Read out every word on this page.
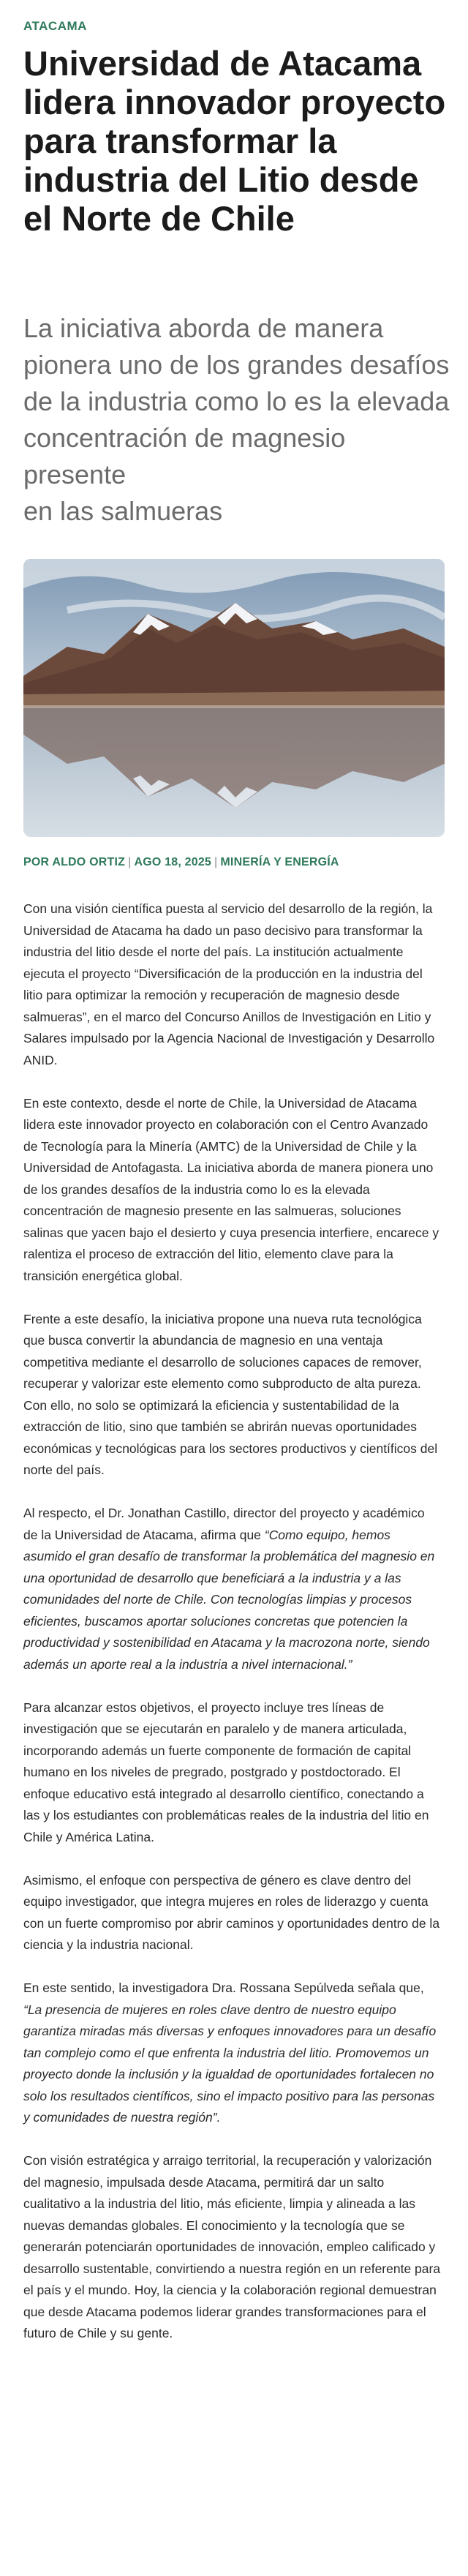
ATACAMA
Universidad de Atacama lidera innovador proyecto para transformar la industria del Litio desde el Norte de Chile

La iniciativa aborda de manera pionera uno de los grandes desafíos de la industria como lo es la elevada concentración de magnesio presente
en las salmueras

POR ALDO ORTIZ | AGO 18, 2025 | MINERÍA Y ENERGÍA

Con una visión científica puesta al servicio del desarrollo de la región, la Universidad de Atacama ha dado un paso decisivo para transformar la industria del litio desde el norte del país. La institución actualmente ejecuta el proyecto “Diversificación de la producción en la industria del litio para optimizar la remoción y recuperación de magnesio desde salmueras”, en el marco del Concurso Anillos de Investigación en Litio y Salares impulsado por la Agencia Nacional de Investigación y Desarrollo ANID.

En este contexto, desde el norte de Chile, la Universidad de Atacama lidera este innovador proyecto en colaboración con el Centro Avanzado de Tecnología para la Minería (AMTC) de la Universidad de Chile y la Universidad de Antofagasta. La iniciativa aborda de manera pionera uno de los grandes desafíos de la industria como lo es la elevada concentración de magnesio presente en las salmueras, soluciones salinas que yacen bajo el desierto y cuya presencia interfiere, encarece y ralentiza el proceso de extracción del litio, elemento clave para la transición energética global.

Frente a este desafío, la iniciativa propone una nueva ruta tecnológica que busca convertir la abundancia de magnesio en una ventaja competitiva mediante el desarrollo de soluciones capaces de remover, recuperar y valorizar este elemento como subproducto de alta pureza. Con ello, no solo se optimizará la eficiencia y sustentabilidad de la extracción de litio, sino que también se abrirán nuevas oportunidades económicas y tecnológicas para los sectores productivos y científicos del norte del país.

Al respecto, el Dr. Jonathan Castillo, director del proyecto y académico de la Universidad de Atacama, afirma que “Como equipo, hemos asumido el gran desafío de transformar la problemática del magnesio en una oportunidad de desarrollo que beneficiará a la industria y a las comunidades del norte de Chile. Con tecnologías limpias y procesos eficientes, buscamos aportar soluciones concretas que potencien la productividad y sostenibilidad en Atacama y la macrozona norte, siendo además un aporte real a la industria a nivel internacional.”

Para alcanzar estos objetivos, el proyecto incluye tres líneas de investigación que se ejecutarán en paralelo y de manera articulada, incorporando además un fuerte componente de formación de capital humano en los niveles de pregrado, postgrado y postdoctorado. El enfoque educativo está integrado al desarrollo científico, conectando a las y los estudiantes con problemáticas reales de la industria del litio en Chile y América Latina.

Asimismo, el enfoque con perspectiva de género es clave dentro del equipo investigador, que integra mujeres en roles de liderazgo y cuenta con un fuerte compromiso por abrir caminos y oportunidades dentro de la ciencia y la industria nacional.

En este sentido, la investigadora Dra. Rossana Sepúlveda señala que, “La presencia de mujeres en roles clave dentro de nuestro equipo garantiza miradas más diversas y enfoques innovadores para un desafío tan complejo como el que enfrenta la industria del litio. Promovemos un proyecto donde la inclusión y la igualdad de oportunidades fortalecen no solo los resultados científicos, sino el impacto positivo para las personas y comunidades de nuestra región”.

Con visión estratégica y arraigo territorial, la recuperación y valorización del magnesio, impulsada desde Atacama, permitirá dar un salto cualitativo a la industria del litio, más eficiente, limpia y alineada a las nuevas demandas globales. El conocimiento y la tecnología que se generarán potenciarán oportunidades de innovación, empleo calificado y desarrollo sustentable, convirtiendo a nuestra región en un referente para el país y el mundo. Hoy, la ciencia y la colaboración regional demuestran que desde Atacama podemos liderar grandes transformaciones para el futuro de Chile y su gente.
